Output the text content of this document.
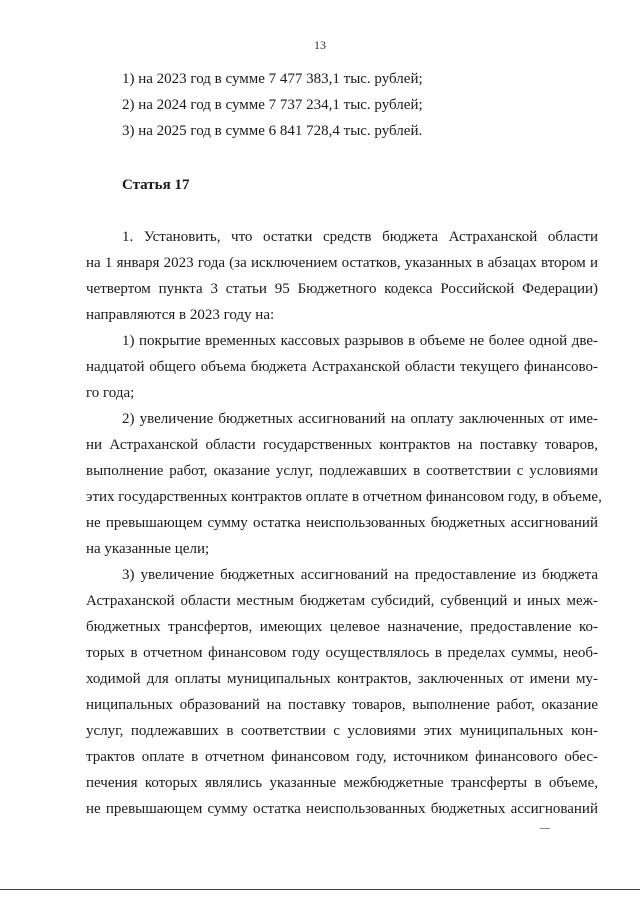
13
1) на 2023 год в сумме 7 477 383,1 тыс. рублей;
2) на 2024 год в сумме 7 737 234,1 тыс. рублей;
3) на 2025 год в сумме 6 841 728,4 тыс. рублей.
Статья 17
1. Установить, что остатки средств бюджета Астраханской области
на 1 января 2023 года (за исключением остатков, указанных в абзацах втором и
четвертом пункта 3 статьи 95 Бюджетного кодекса Российской Федерации)
направляются в 2023 году на:
1) покрытие временных кассовых разрывов в объеме не более одной две-
надцатой общего объема бюджета Астраханской области текущего финансово-
го года;
2) увеличение бюджетных ассигнований на оплату заключенных от име-
ни Астраханской области государственных контрактов на поставку товаров,
выполнение работ, оказание услуг, подлежавших в соответствии с условиями
этих государственных контрактов оплате в отчетном финансовом году, в объеме,
не превышающем сумму остатка неиспользованных бюджетных ассигнований
на указанные цели;
3) увеличение бюджетных ассигнований на предоставление из бюджета
Астраханской области местным бюджетам субсидий, субвенций и иных меж-
бюджетных трансфертов, имеющих целевое назначение, предоставление ко-
торых в отчетном финансовом году осуществлялось в пределах суммы, необ-
ходимой для оплаты муниципальных контрактов, заключенных от имени му-
ниципальных образований на поставку товаров, выполнение работ, оказание
услуг, подлежавших в соответствии с условиями этих муниципальных кон-
трактов оплате в отчетном финансовом году, источником финансового обес-
печения которых являлись указанные межбюджетные трансферты в объеме,
не превышающем сумму остатка неиспользованных бюджетных ассигнований
